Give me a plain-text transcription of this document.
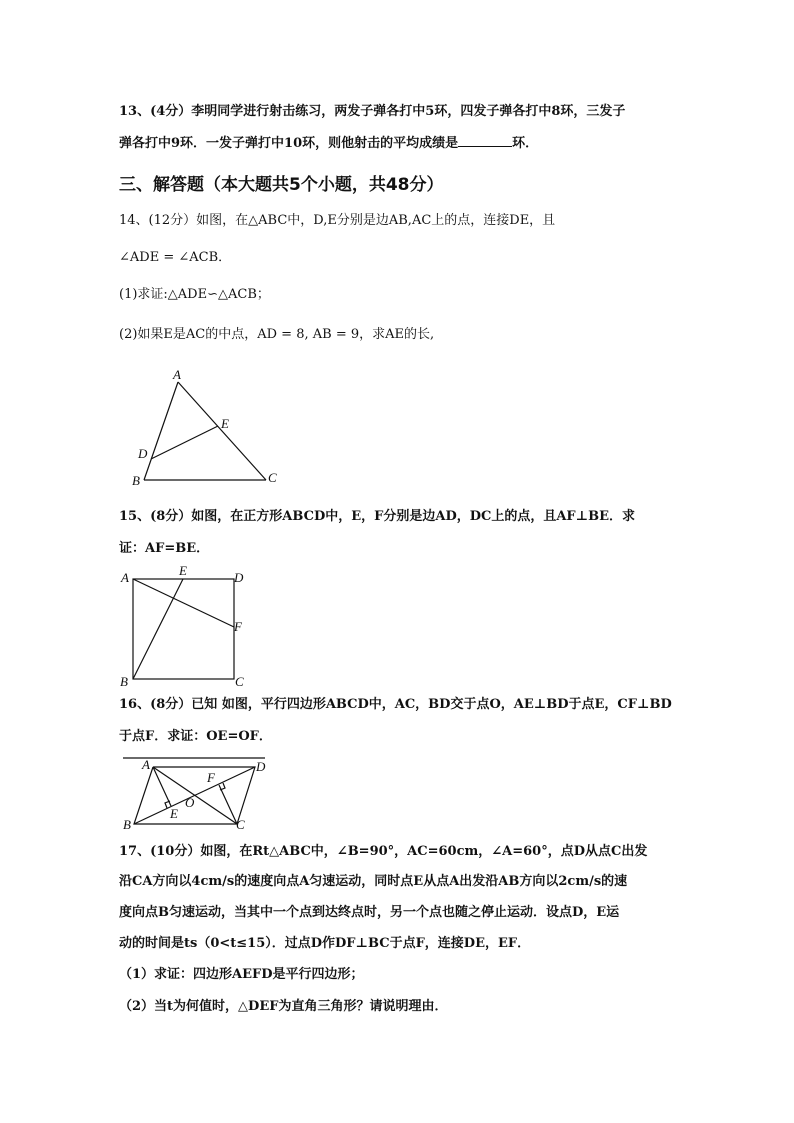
13、(4分）李明同学进行射击练习，两发子弹各打中5环，四发子弹各打中8环，三发子
弹各打中9环．一发子弹打中10环，则他射击的平均成绩是	环．
三、解答题（本大题共5个小题，共48分）
14、(12分）如图，在△ABC中，D,E分别是边AB,AC上的点，连接DE，且
∠ADE = ∠ACB．
(1)求证:△ADE∽△ACB；
(2)如果E是AC的中点，AD = 8, AB = 9，求AE的长,
A
B	C
D
E
15、(8分）如图，在正方形ABCD中，E，F分别是边AD，DC上的点，且AF⊥BE．求
证：AF=BE．
A
B	C
D
E
F
16、(8分）已知 如图，平行四边形ABCD中，AC，BD交于点O，AE⊥BD于点E，CF⊥BD
于点F．求证：OE=OF．
A
B	C
D
E
F
O
17、(10分）如图，在Rt△ABC中，∠B=90°，AC=60cm，∠A=60°，点D从点C出发
沿CA方向以4cm/s的速度向点A匀速运动，同时点E从点A出发沿AB方向以2cm/s的速
度向点B匀速运动，当其中一个点到达终点时，另一个点也随之停止运动．设点D，E运
动的时间是ts（0<t≤15）．过点D作DF⊥BC于点F，连接DE，EF．
（1）求证：四边形AEFD是平行四边形；
（2）当t为何值时，△DEF为直角三角形？请说明理由．
